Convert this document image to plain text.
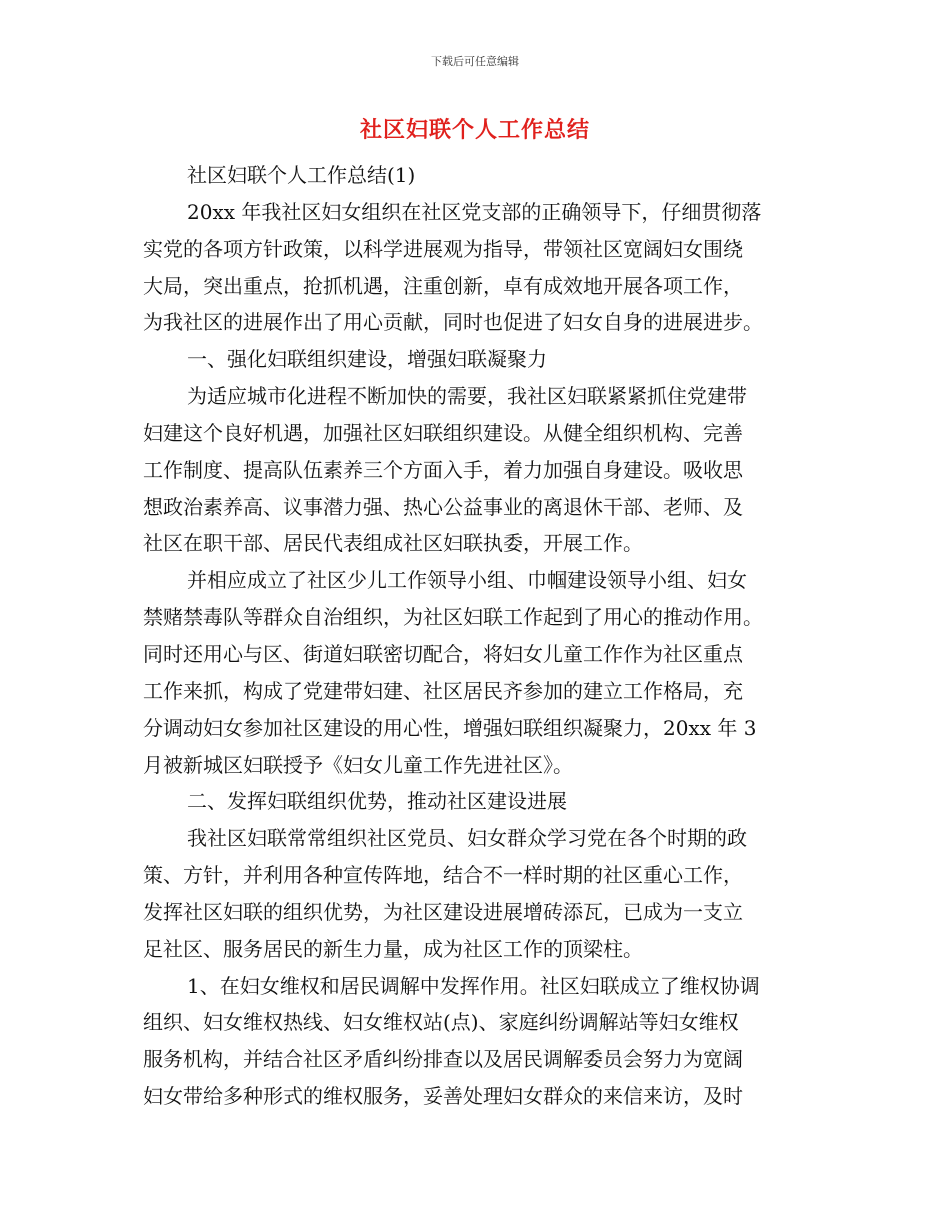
下载后可任意编辑
社区妇联个人工作总结
社区妇联个人工作总结(1)
20xx 年我社区妇女组织在社区党支部的正确领导下，仔细贯彻落
实党的各项方针政策，以科学进展观为指导，带领社区宽阔妇女围绕
大局，突出重点，抢抓机遇，注重创新，卓有成效地开展各项工作，
为我社区的进展作出了用心贡献，同时也促进了妇女自身的进展进步。
一、强化妇联组织建设，增强妇联凝聚力
为适应城市化进程不断加快的需要，我社区妇联紧紧抓住党建带
妇建这个良好机遇，加强社区妇联组织建设。从健全组织机构、完善
工作制度、提高队伍素养三个方面入手，着力加强自身建设。吸收思
想政治素养高、议事潜力强、热心公益事业的离退休干部、老师、及
社区在职干部、居民代表组成社区妇联执委，开展工作。
并相应成立了社区少儿工作领导小组、巾帼建设领导小组、妇女
禁赌禁毒队等群众自治组织，为社区妇联工作起到了用心的推动作用。
同时还用心与区、街道妇联密切配合，将妇女儿童工作作为社区重点
工作来抓，构成了党建带妇建、社区居民齐参加的建立工作格局，充
分调动妇女参加社区建设的用心性，增强妇联组织凝聚力，20xx 年 3
月被新城区妇联授予《妇女儿童工作先进社区》。
二、发挥妇联组织优势，推动社区建设进展
我社区妇联常常组织社区党员、妇女群众学习党在各个时期的政
策、方针，并利用各种宣传阵地，结合不一样时期的社区重心工作，
发挥社区妇联的组织优势，为社区建设进展增砖添瓦，已成为一支立
足社区、服务居民的新生力量，成为社区工作的顶梁柱。
1、在妇女维权和居民调解中发挥作用。社区妇联成立了维权协调
组织、妇女维权热线、妇女维权站(点)、家庭纠纷调解站等妇女维权
服务机构，并结合社区矛盾纠纷排查以及居民调解委员会努力为宽阔
妇女带给多种形式的维权服务，妥善处理妇女群众的来信来访，及时
